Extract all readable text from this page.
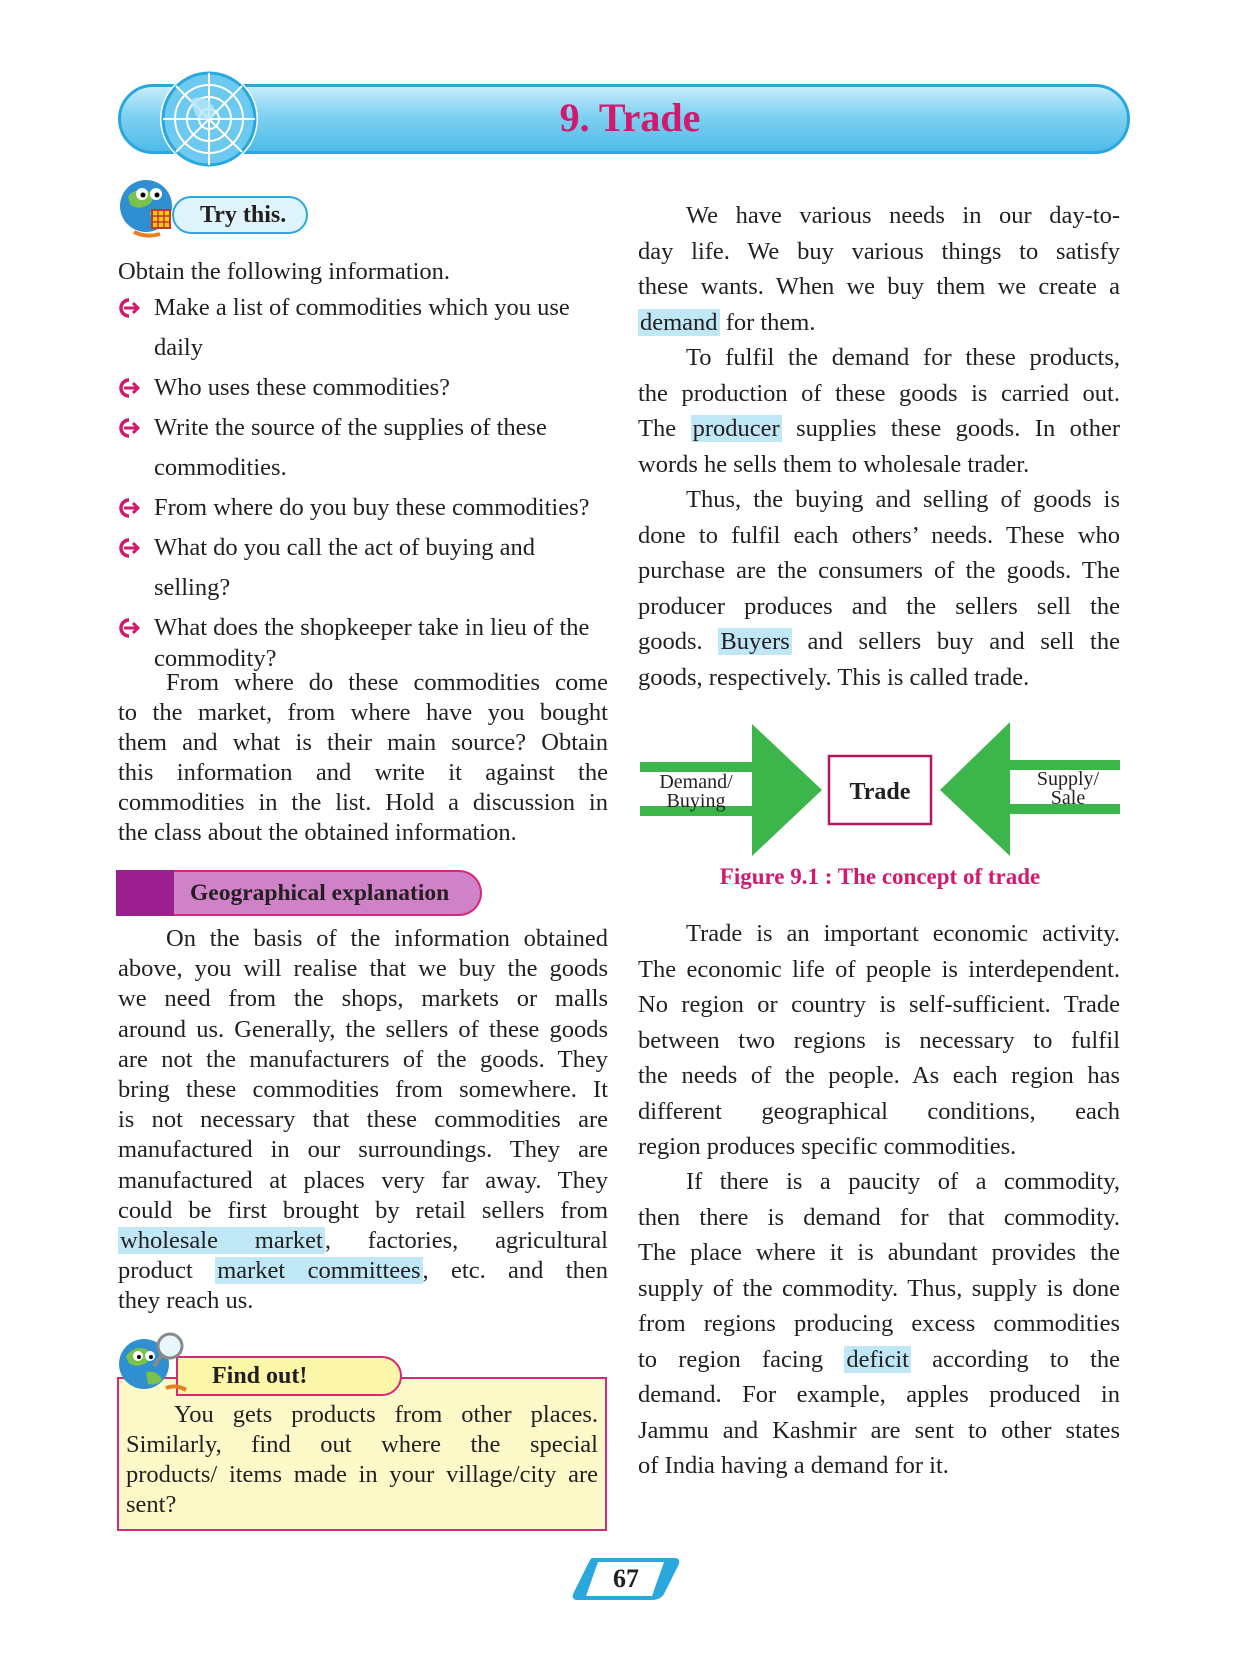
9. Trade
Try this.
Obtain the following information.
Make a list of commodities which you use daily
Who uses these commodities?
Write the source of the supplies of these commodities.
From where do you buy these commodities?
What do you call the act of buying and selling?
What does the shopkeeper take in lieu of the commodity?
From where do these commodities come
to the market, from where have you bought
them and what is their main source? Obtain
this information and write it against the
commodities in the list. Hold a discussion in
the class about the obtained information.
Geographical explanation
On the basis of the information obtained
above, you will realise that we buy the goods
we need from the shops, markets or malls
around us. Generally, the sellers of these goods
are not the manufacturers of the goods. They
bring these commodities from somewhere. It
is not necessary that these commodities are
manufactured in our surroundings. They are
manufactured at places very far away. They
could be first brought by retail sellers from
wholesale market, factories, agricultural
product market committees, etc. and then
they reach us.
Find out!
You gets products from other places.
Similarly, find out where the special
products/ items made in your village/city are
sent?
We have various needs in our day-to-
day life. We buy various things to satisfy
these wants. When we buy them we create a
demand for them.
To fulfil the demand for these products,
the production of these goods is carried out.
The producer supplies these goods. In other
words he sells them to wholesale trader.
Thus, the buying and selling of goods is
done to fulfil each others’ needs. These who
purchase are the consumers of the goods. The
producer produces and the sellers sell the
goods. Buyers and sellers buy and sell the
goods, respectively. This is called trade.
Trade
Demand/
Buying
Supply/
Sale
Figure 9.1 : The concept of trade
Trade is an important economic activity.
The economic life of people is interdependent.
No region or country is self-sufficient. Trade
between two regions is necessary to fulfil
the needs of the people. As each region has
different geographical conditions, each
region produces specific commodities.
If there is a paucity of a commodity,
then there is demand for that commodity.
The place where it is abundant provides the
supply of the commodity. Thus, supply is done
from regions producing excess commodities
to region facing deficit according to the
demand. For example, apples produced in
Jammu and Kashmir are sent to other states
of India having a demand for it.
67
